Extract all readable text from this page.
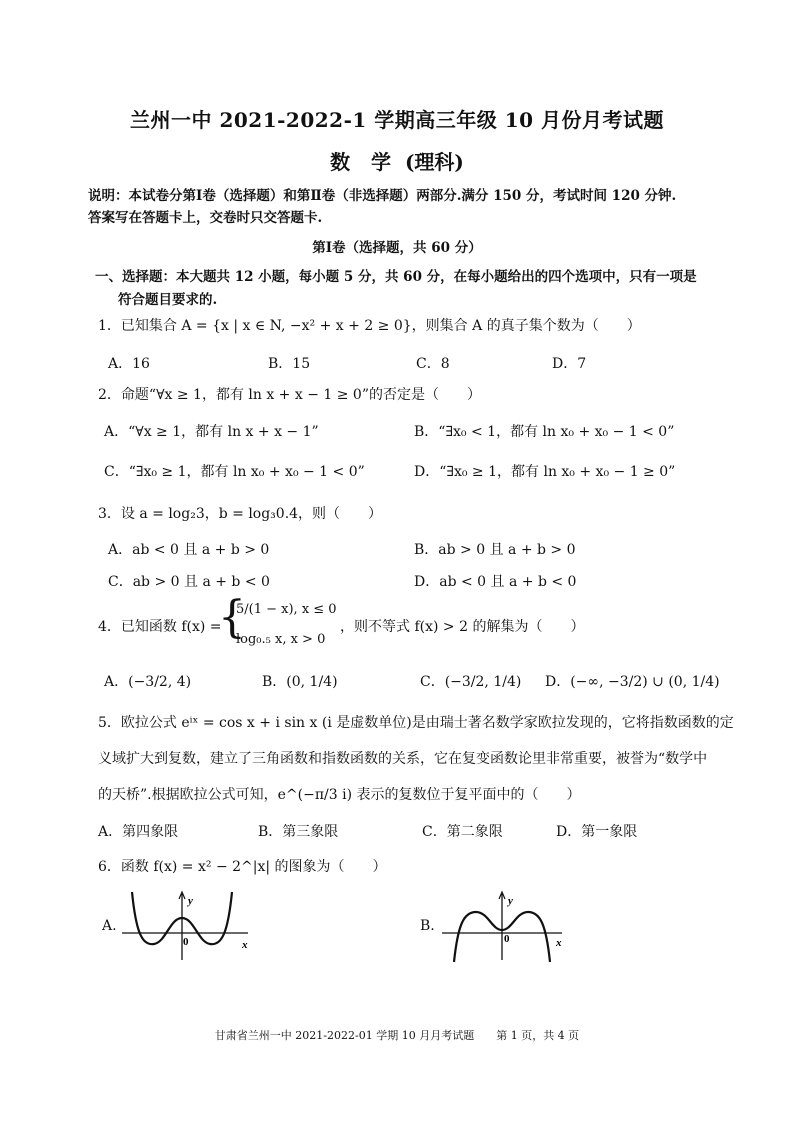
兰州一中 2021-2022-1 学期高三年级 10 月份月考试题
数   学  (理科)
说明：本试卷分第Ⅰ卷（选择题）和第Ⅱ卷（非选择题）两部分.满分 150 分，考试时间 120 分钟.
答案写在答题卡上，交卷时只交答题卡.
第Ⅰ卷（选择题，共 60 分）
一、选择题：本大题共 12 小题，每小题 5 分，共 60 分，在每小题给出的四个选项中，只有一项是
符合题目要求的.
1．已知集合 A = {x | x ∈ N, −x² + x + 2 ≥ 0}，则集合 A 的真子集个数为（　　）
A．16	B．15	C．8	D．7
2．命题“∀x ≥ 1，都有 ln x + x − 1 ≥ 0”的否定是（　　）
A．“∀x ≥ 1，都有 ln x + x − 1”	B．“∃x₀ < 1，都有 ln x₀ + x₀ − 1 < 0”
C．“∃x₀ ≥ 1，都有 ln x₀ + x₀ − 1 < 0”	D．“∃x₀ ≥ 1，都有 ln x₀ + x₀ − 1 ≥ 0”
3．设 a = log₂3，b = log₃0.4，则（　　）
A．ab < 0 且 a + b > 0	B．ab > 0 且 a + b > 0
C．ab > 0 且 a + b < 0	D．ab < 0 且 a + b < 0
4．已知函数 f(x) =
{
5/(1 − x), x ≤ 0
log₀.₅ x, x > 0
，则不等式 f(x) > 2 的解集为（　　）
A．(−3/2, 4)	B．(0, 1/4)	C．(−3/2, 1/4) D．(−∞, −3/2) ∪ (0, 1/4)
5．欧拉公式 eⁱˣ = cos x + i sin x (i 是虚数单位)是由瑞士著名数学家欧拉发现的，它将指数函数的定
义域扩大到复数，建立了三角函数和指数函数的关系，它在复变函数论里非常重要，被誉为“数学中
的天桥”.根据欧拉公式可知，e^(−π/3 i) 表示的复数位于复平面中的（　　）
A．第四象限	B．第三象限	C．第二象限	D．第一象限
6．函数 f(x) = x² − 2^|x| 的图象为（　　）
A.	B.
y
x
0
y
x
0
甘肃省兰州一中 2021-2022-01 学期 10 月月考试题　　第 1 页，共 4 页
